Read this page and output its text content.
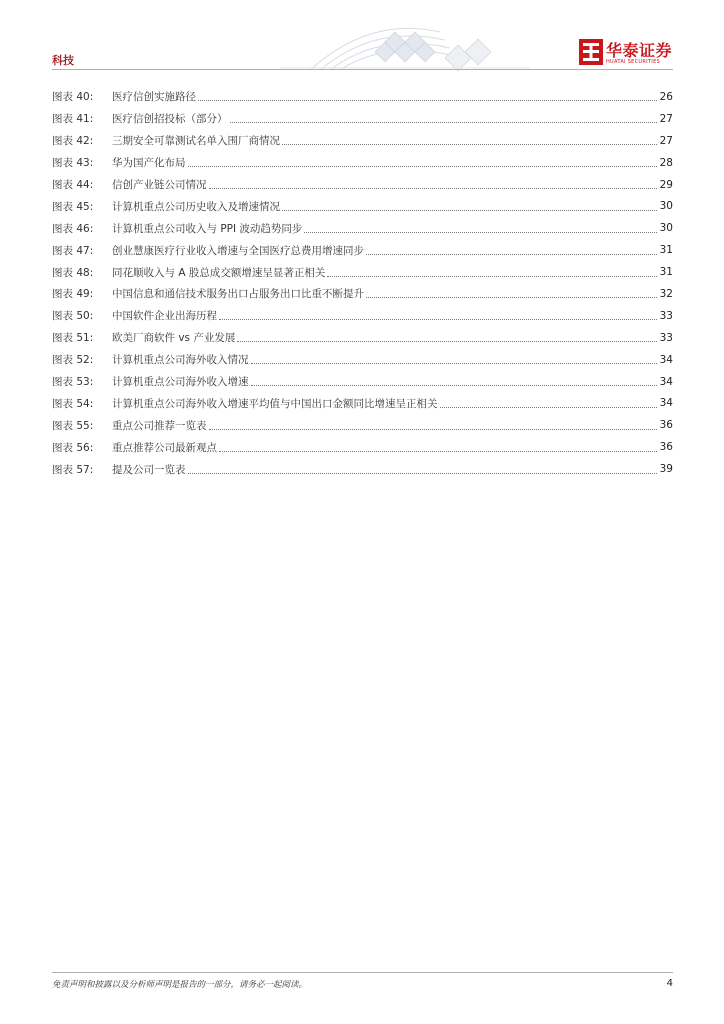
科技
华泰证券
HUATAI SECURITIES
图表 40:	医疗信创实施路径	26
图表 41:	医疗信创招投标（部分）	27
图表 42:	三期安全可靠测试名单入围厂商情况	27
图表 43:	华为国产化布局	28
图表 44:	信创产业链公司情况	29
图表 45:	计算机重点公司历史收入及增速情况	30
图表 46:	计算机重点公司收入与 PPI 波动趋势同步	30
图表 47:	创业慧康医疗行业收入增速与全国医疗总费用增速同步	31
图表 48:	同花顺收入与 A 股总成交额增速呈显著正相关	31
图表 49:	中国信息和通信技术服务出口占服务出口比重不断提升	32
图表 50:	中国软件企业出海历程	33
图表 51:	欧美厂商软件 vs 产业发展	33
图表 52:	计算机重点公司海外收入情况	34
图表 53:	计算机重点公司海外收入增速	34
图表 54:	计算机重点公司海外收入增速平均值与中国出口金额同比增速呈正相关	34
图表 55:	重点公司推荐一览表	36
图表 56:	重点推荐公司最新观点	36
图表 57:	提及公司一览表	39
免责声明和披露以及分析师声明是报告的一部分，请务必一起阅读。	4
